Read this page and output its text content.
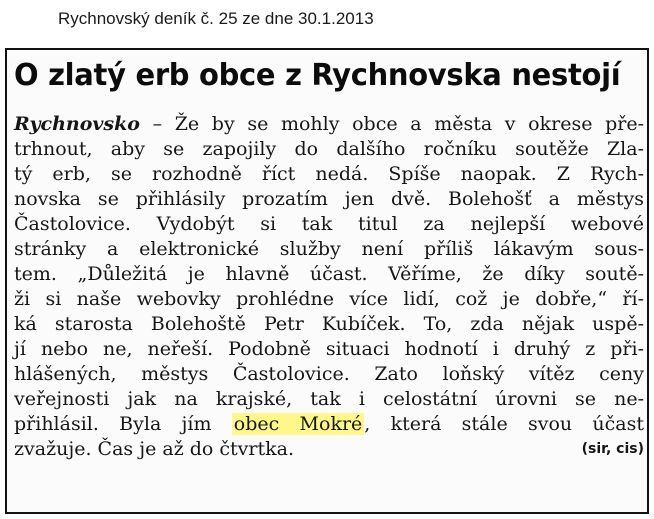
Rychnovský deník č. 25 ze dne 30.1.2013
O zlatý erb obce z Rychnovska nestojí
Rychnovsko – Že by se mohly obce a města v okrese pře-
trhnout, aby se zapojily do dalšího ročníku soutěže Zla-
tý erb, se rozhodně říct nedá. Spíše naopak. Z Rych-
novska se přihlásily prozatím jen dvě. Bolehošť a městys
Častolovice. Vydobýt si tak titul za nejlepší webové
stránky a elektronické služby není příliš lákavým sous-
tem. „Důležitá je hlavně účast. Věříme, že díky soutě-
ži si naše webovky prohlédne více lidí, což je dobře,“ ří-
ká starosta Bolehoště Petr Kubíček. To, zda nějak uspě-
jí nebo ne, neřeší. Podobně situaci hodnotí i druhý z při-
hlášených, městys Častolovice. Zato loňský vítěz ceny
veřejnosti jak na krajské, tak i celostátní úrovni se ne-
přihlásil. Byla jím obec Mokré , která stále svou účast
zvažuje. Čas je až do čtvrtka.	(sir, cis)
